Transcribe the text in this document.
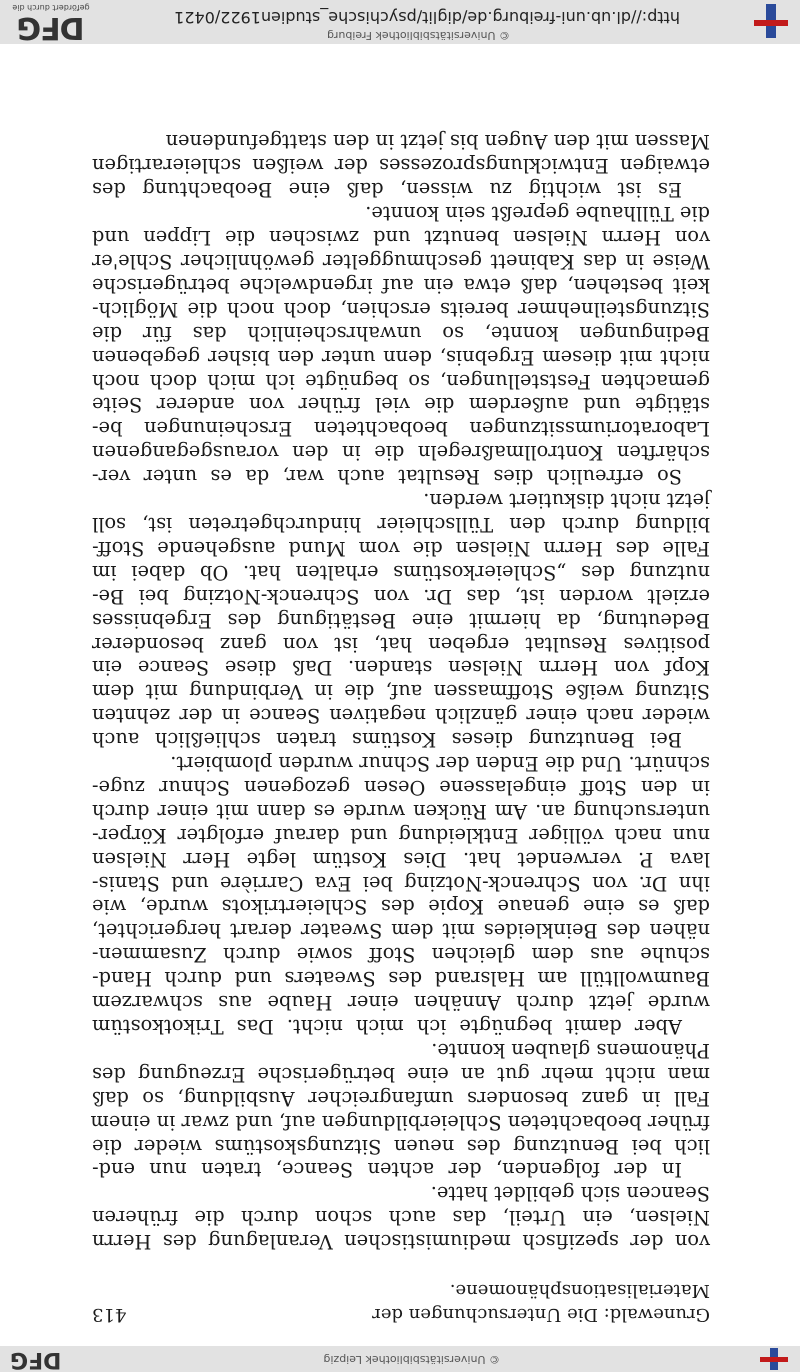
© Universitätsbibliothek Leipzig
DFG
Grunewald: Die Untersuchungen der Materialisationsphänomene.
413
von der spezifisch mediumistischen Veranlagung des Herrn
Nielsen, ein Urteil, das auch schon durch die früheren
Seancen sich gebildet hatte.
In der folgenden, der achten Seance, traten nun end-
lich bei Benutzung des neuen Sitzungskostüms wieder die
früher beobachteten Schleierbildungen auf, und zwar in einem
Fall in ganz besonders umfangreicher Ausbildung, so daß
man nicht mehr gut an eine betrügerische Erzeugung des
Phänomens glauben konnte.
Aber damit begnügte ich mich nicht. Das Trikotkostüm
wurde jetzt durch Annähen einer Haube aus schwarzem
Baumwolltüll am Halsrand des Sweaters und durch Hand-
schuhe aus dem gleichen Stoff sowie durch Zusammen-
nähen des Beinkleides mit dem Sweater derart hergerichtet,
daß es eine genaue Kopie des Schleiertrikots wurde, wie
ihn Dr. von Schrenck-Notzing bei Eva Carrière und Stanis-
lava P. verwendet hat. Dies Kostüm legte Herr Nielsen
nun nach völliger Entkleidung und darauf erfolgter Körper-
untersuchung an. Am Rücken wurde es dann mit einer durch
in den Stoff eingelassene Oesen gezogenen Schnur zuge-
schnürt. Und die Enden der Schnur wurden plombiert.
Bei Benutzung dieses Kostüms traten schließlich auch
wieder nach einer gänzlich negativen Seance in der zehnten
Sitzung weiße Stoffmassen auf, die in Verbindung mit dem
Kopf von Herrn Nielsen standen. Daß diese Seance ein
positives Resultat ergeben hat, ist von ganz besonderer
Bedeutung, da hiermit eine Bestätigung des Ergebnisses
erzielt worden ist, das Dr. von Schrenck-Notzing bei Be-
nutzung des „Schleierkostüms erhalten hat. Ob dabei im
Falle des Herrn Nielsen die vom Mund ausgehende Stoff-
bildung durch den Tüllschleier hindurchgetreten ist, soll
jetzt nicht diskutiert werden.
So erfreulich dies Resultat auch war, da es unter ver-
schärften Kontrollmaßregeln die in den vorausgegangenen
Laboratoriumssitzungen beobachteten Erscheinungen be-
stätigte und außerdem die viel früher von anderer Seite
gemachten Feststellungen, so begnügte ich mich doch noch
nicht mit diesem Ergebnis, denn unter den bisher gegebenen
Bedingungen konnte, so unwahrscheinlich das für die
Sitzungsteilnehmer bereits erschien, doch noch die Möglich-
keit bestehen, daß etwa ein auf irgendwelche betrügerische
Weise in das Kabinett geschmuggelter gewöhnlicher Schle'er
von Herrn Nielsen benutzt und zwischen die Lippen und
die Tüllhaube gepreßt sein konnte.
Es ist wichtig zu wissen, daß eine Beobachtung des
etwaigen Entwicklungsprozesses der weißen schleierartigen
Massen mit den Augen bis jetzt in den stattgefundenen
© Universitätsbibliothek Freiburg
http://dl.ub.uni-freiburg.de/diglit/psychische_studien1922/0421
DFG
gefördert durch die
